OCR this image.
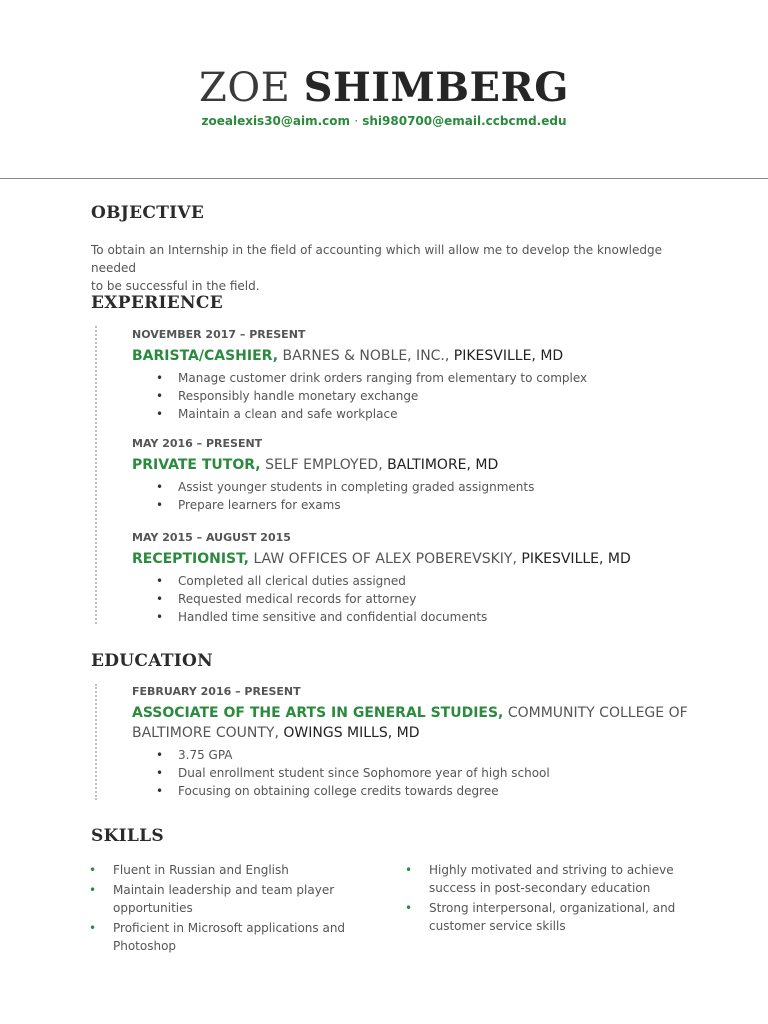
ZOE SHIMBERG
zoealexis30@aim.com · shi980700@email.ccbcmd.edu
OBJECTIVE
To obtain an Internship in the field of accounting which will allow me to develop the knowledge needed
to be successful in the field.
EXPERIENCE
NOVEMBER 2017 – PRESENT
BARISTA/CASHIER, BARNES & NOBLE, INC., PIKESVILLE, MD
• Manage customer drink orders ranging from elementary to complex
• Responsibly handle monetary exchange
• Maintain a clean and safe workplace
MAY 2016 – PRESENT
PRIVATE TUTOR, SELF EMPLOYED, BALTIMORE, MD
• Assist younger students in completing graded assignments
• Prepare learners for exams
MAY 2015 – AUGUST 2015
RECEPTIONIST, LAW OFFICES OF ALEX POBEREVSKIY, PIKESVILLE, MD
• Completed all clerical duties assigned
• Requested medical records for attorney
• Handled time sensitive and confidential documents
EDUCATION
FEBRUARY 2016 – PRESENT
ASSOCIATE OF THE ARTS IN GENERAL STUDIES, COMMUNITY COLLEGE OF
BALTIMORE COUNTY, OWINGS MILLS, MD
• 3.75 GPA
• Dual enrollment student since Sophomore year of high school
• Focusing on obtaining college credits towards degree
SKILLS
• Fluent in Russian and English
• Maintain leadership and team player opportunities
• Proficient in Microsoft applications and Photoshop
• Highly motivated and striving to achieve success in post-secondary education
• Strong interpersonal, organizational, and customer service skills
